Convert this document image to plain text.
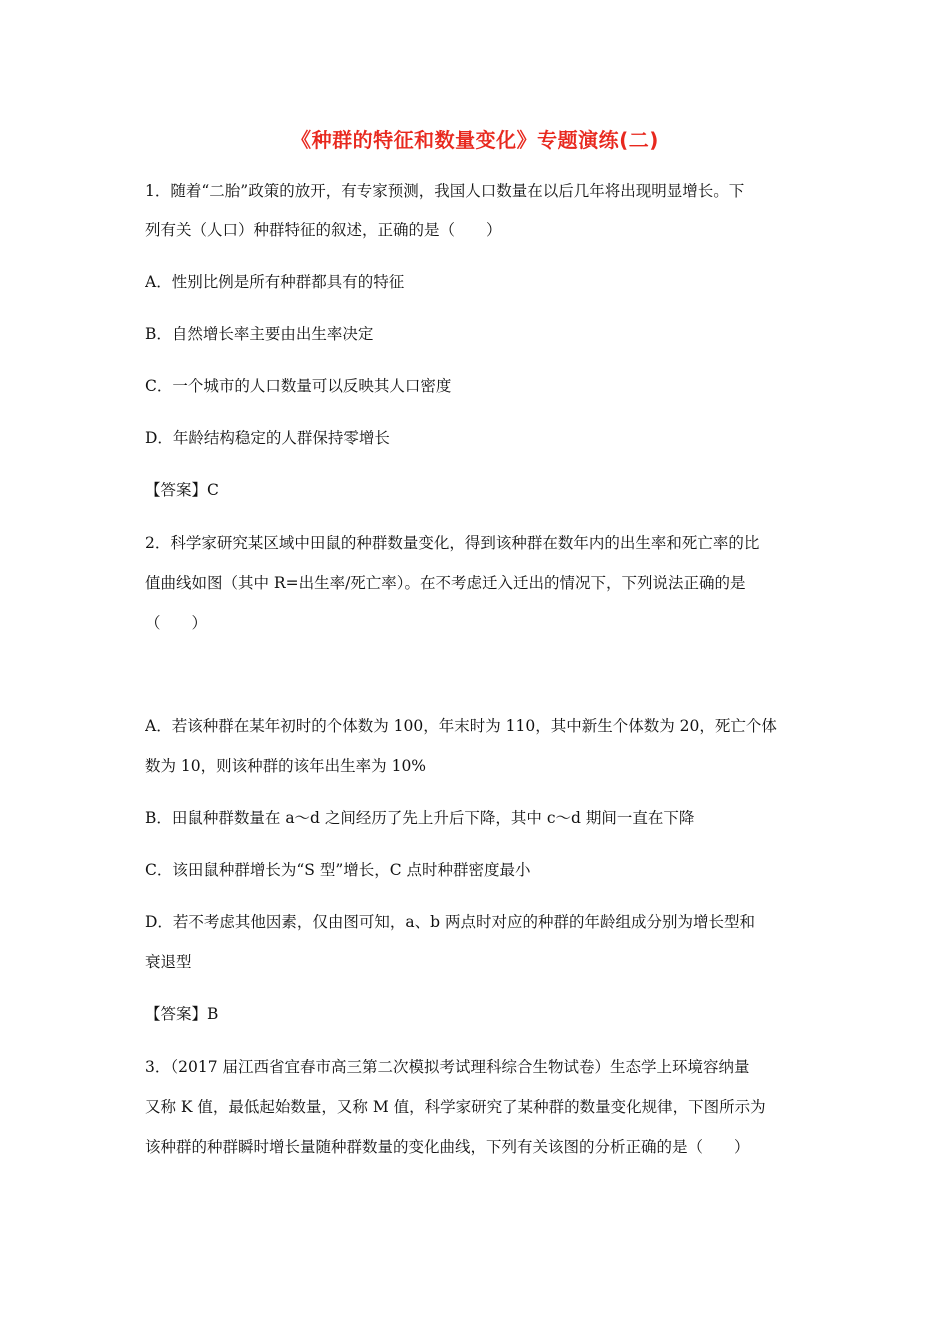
《种群的特征和数量变化》专题演练(二)
1．随着“二胎”政策的放开，有专家预测，我国人口数量在以后几年将出现明显增长。下
列有关（人口）种群特征的叙述，正确的是（　　）
A．性别比例是所有种群都具有的特征
B．自然增长率主要由出生率决定
C．一个城市的人口数量可以反映其人口密度
D．年龄结构稳定的人群保持零增长
【答案】C
2．科学家研究某区域中田鼠的种群数量变化，得到该种群在数年内的出生率和死亡率的比
值曲线如图（其中 R=出生率/死亡率）。在不考虑迁入迁出的情况下，下列说法正确的是
（　　）
A．若该种群在某年初时的个体数为 100，年末时为 110，其中新生个体数为 20，死亡个体
数为 10，则该种群的该年出生率为 10%
B．田鼠种群数量在 a～d 之间经历了先上升后下降，其中 c～d 期间一直在下降
C．该田鼠种群增长为“S 型”增长，C 点时种群密度最小
D．若不考虑其他因素，仅由图可知，a、b 两点时对应的种群的年龄组成分别为增长型和
衰退型
【答案】B
3．（2017 届江西省宜春市高三第二次模拟考试理科综合生物试卷）生态学上环境容纳量
又称 K 值，最低起始数量，又称 M 值，科学家研究了某种群的数量变化规律，下图所示为
该种群的种群瞬时增长量随种群数量的变化曲线，下列有关该图的分析正确的是（　　）
